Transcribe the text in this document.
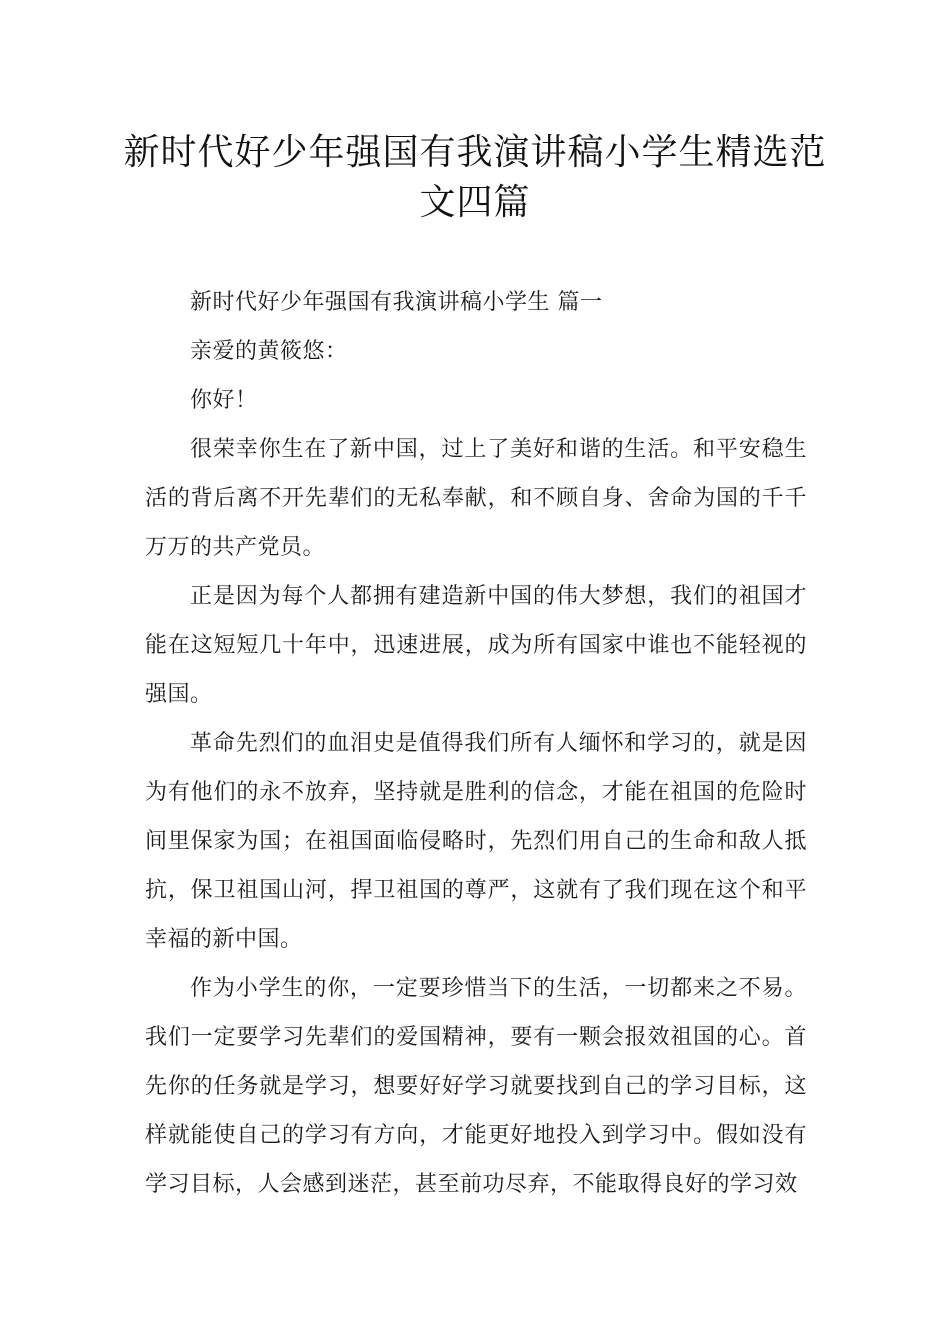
新时代好少年强国有我演讲稿小学生精选范文四篇

新时代好少年强国有我演讲稿小学生 篇一

亲爱的黄筱悠：

你好！

很荣幸你生在了新中国，过上了美好和谐的生活。和平安稳生活的背后离不开先辈们的无私奉献，和不顾自身、舍命为国的千千万万的共产党员。

正是因为每个人都拥有建造新中国的伟大梦想，我们的祖国才能在这短短几十年中，迅速进展，成为所有国家中谁也不能轻视的强国。

革命先烈们的血泪史是值得我们所有人缅怀和学习的，就是因为有他们的永不放弃，坚持就是胜利的信念，才能在祖国的危险时间里保家为国；在祖国面临侵略时，先烈们用自己的生命和敌人抵抗，保卫祖国山河，捍卫祖国的尊严，这就有了我们现在这个和平幸福的新中国。

作为小学生的你，一定要珍惜当下的生活，一切都来之不易。我们一定要学习先辈们的爱国精神，要有一颗会报效祖国的心。首先你的任务就是学习，想要好好学习就要找到自己的学习目标，这样就能使自己的学习有方向，才能更好地投入到学习中。假如没有学习目标，人会感到迷茫，甚至前功尽弃，不能取得良好的学习效
